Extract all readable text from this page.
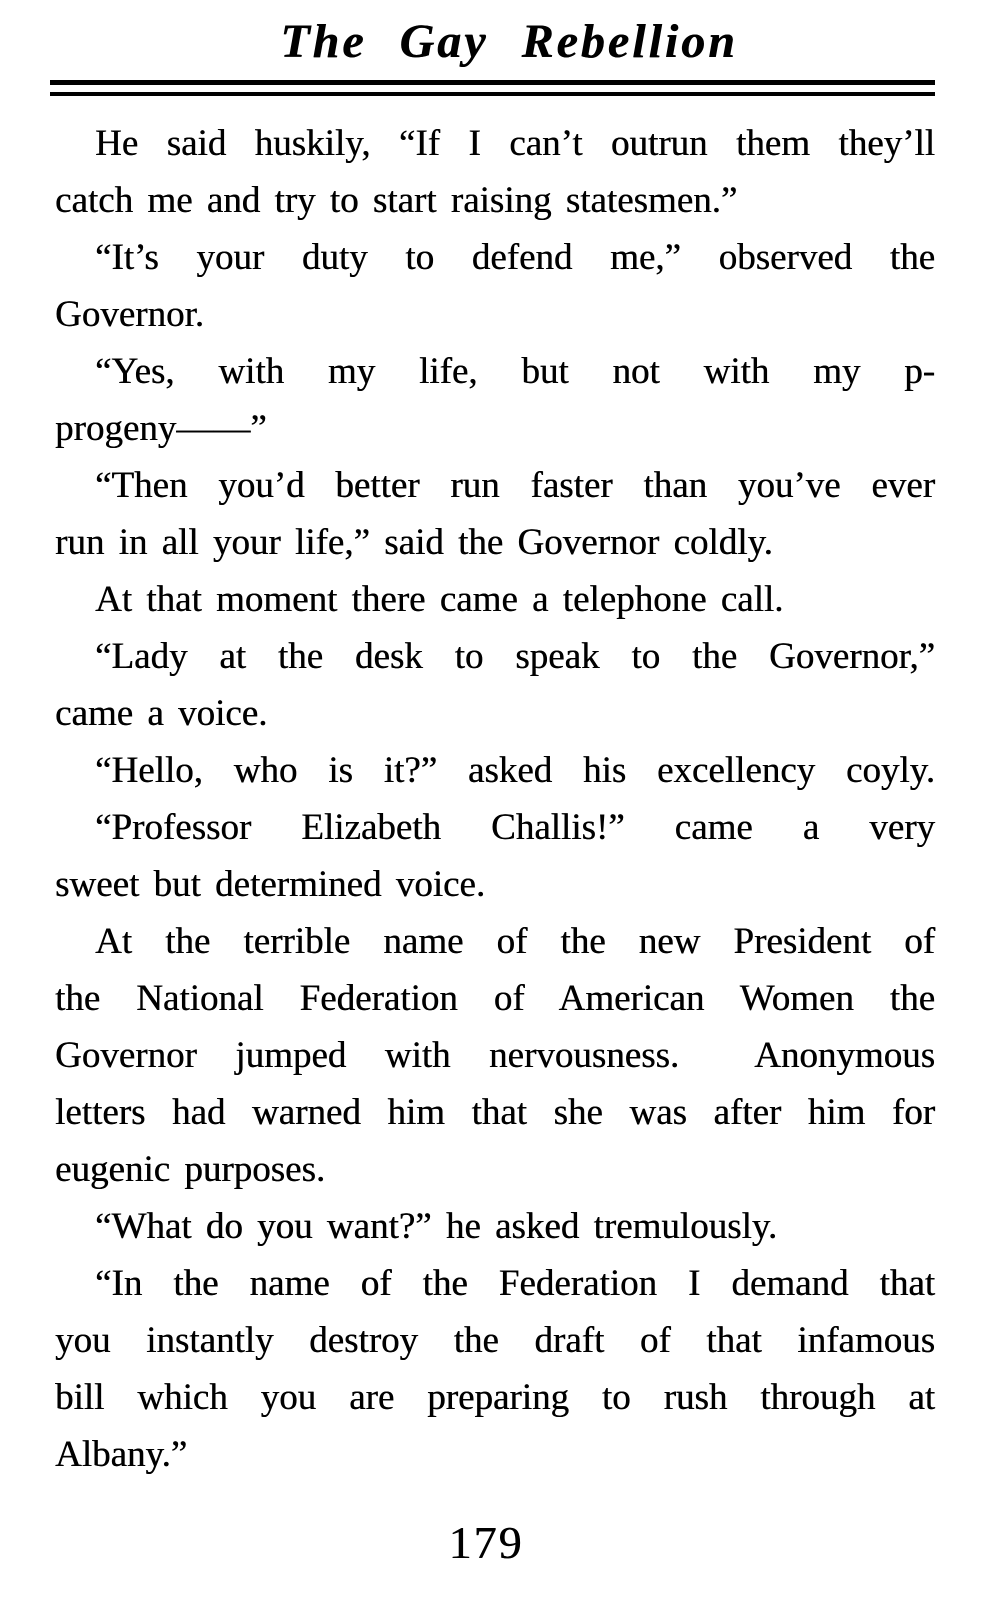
The Gay Rebellion
He said huskily, “If I can’t outrun them they’ll
catch me and try to start raising statesmen.”
“It’s your duty to defend me,” observed the
Governor.
“Yes, with my life, but not with my p-
progeny——”
“Then you’d better run faster than you’ve ever
run in all your life,” said the Governor coldly.
At that moment there came a telephone call.
“Lady at the desk to speak to the Governor,”
came a voice.
“Hello, who is it?” asked his excellency coyly.
“Professor Elizabeth Challis!” came a very
sweet but determined voice.
At the terrible name of the new President of
the National Federation of American Women the
Governor jumped with nervousness.  Anonymous
letters had warned him that she was after him for
eugenic purposes.
“What do you want?” he asked tremulously.
“In the name of the Federation I demand that
you instantly destroy the draft of that infamous
bill which you are preparing to rush through at
Albany.”
179
